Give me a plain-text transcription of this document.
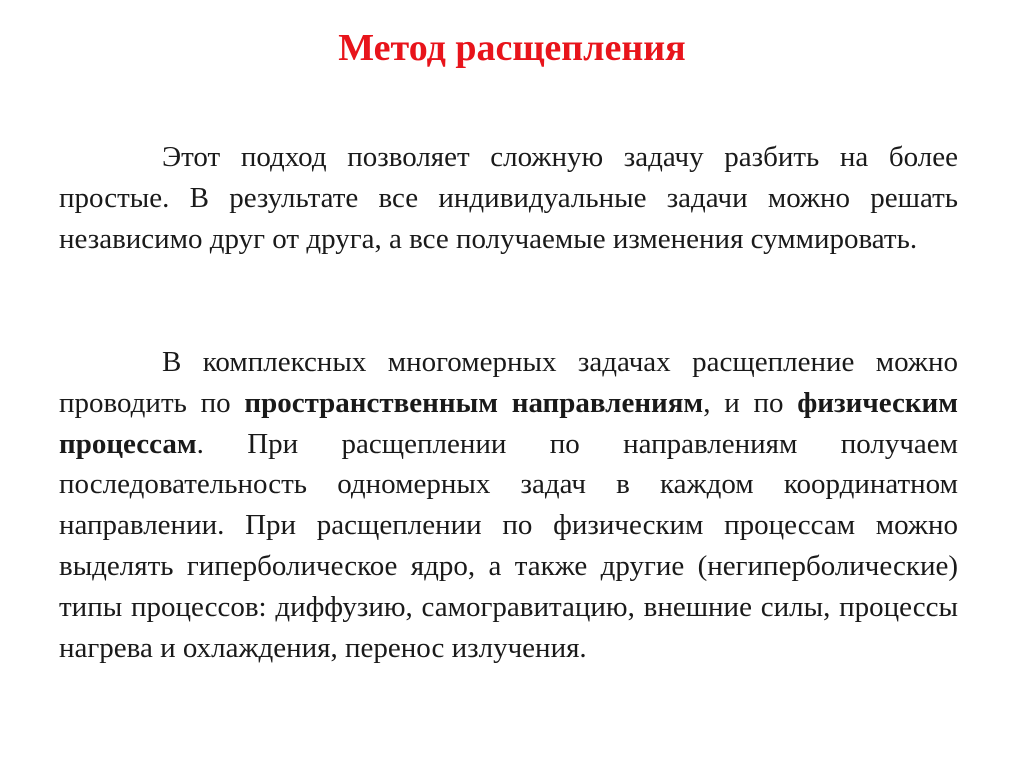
Метод расщепления

Этот подход позволяет сложную задачу разбить на более простые. В результате все индивидуальные задачи можно решать независимо друг от друга, а все получаемые изменения суммировать.

В комплексных многомерных задачах расщепление можно проводить по пространственным направлениям, и по физическим процессам. При расщеплении по направлениям получаем последовательность одномерных задач в каждом координатном направлении. При расщеплении по физическим процессам можно выделять гиперболическое ядро, а также другие (негиперболические) типы процессов: диффузию, самогравитацию, внешние силы, процессы нагрева и охлаждения, перенос излучения.
